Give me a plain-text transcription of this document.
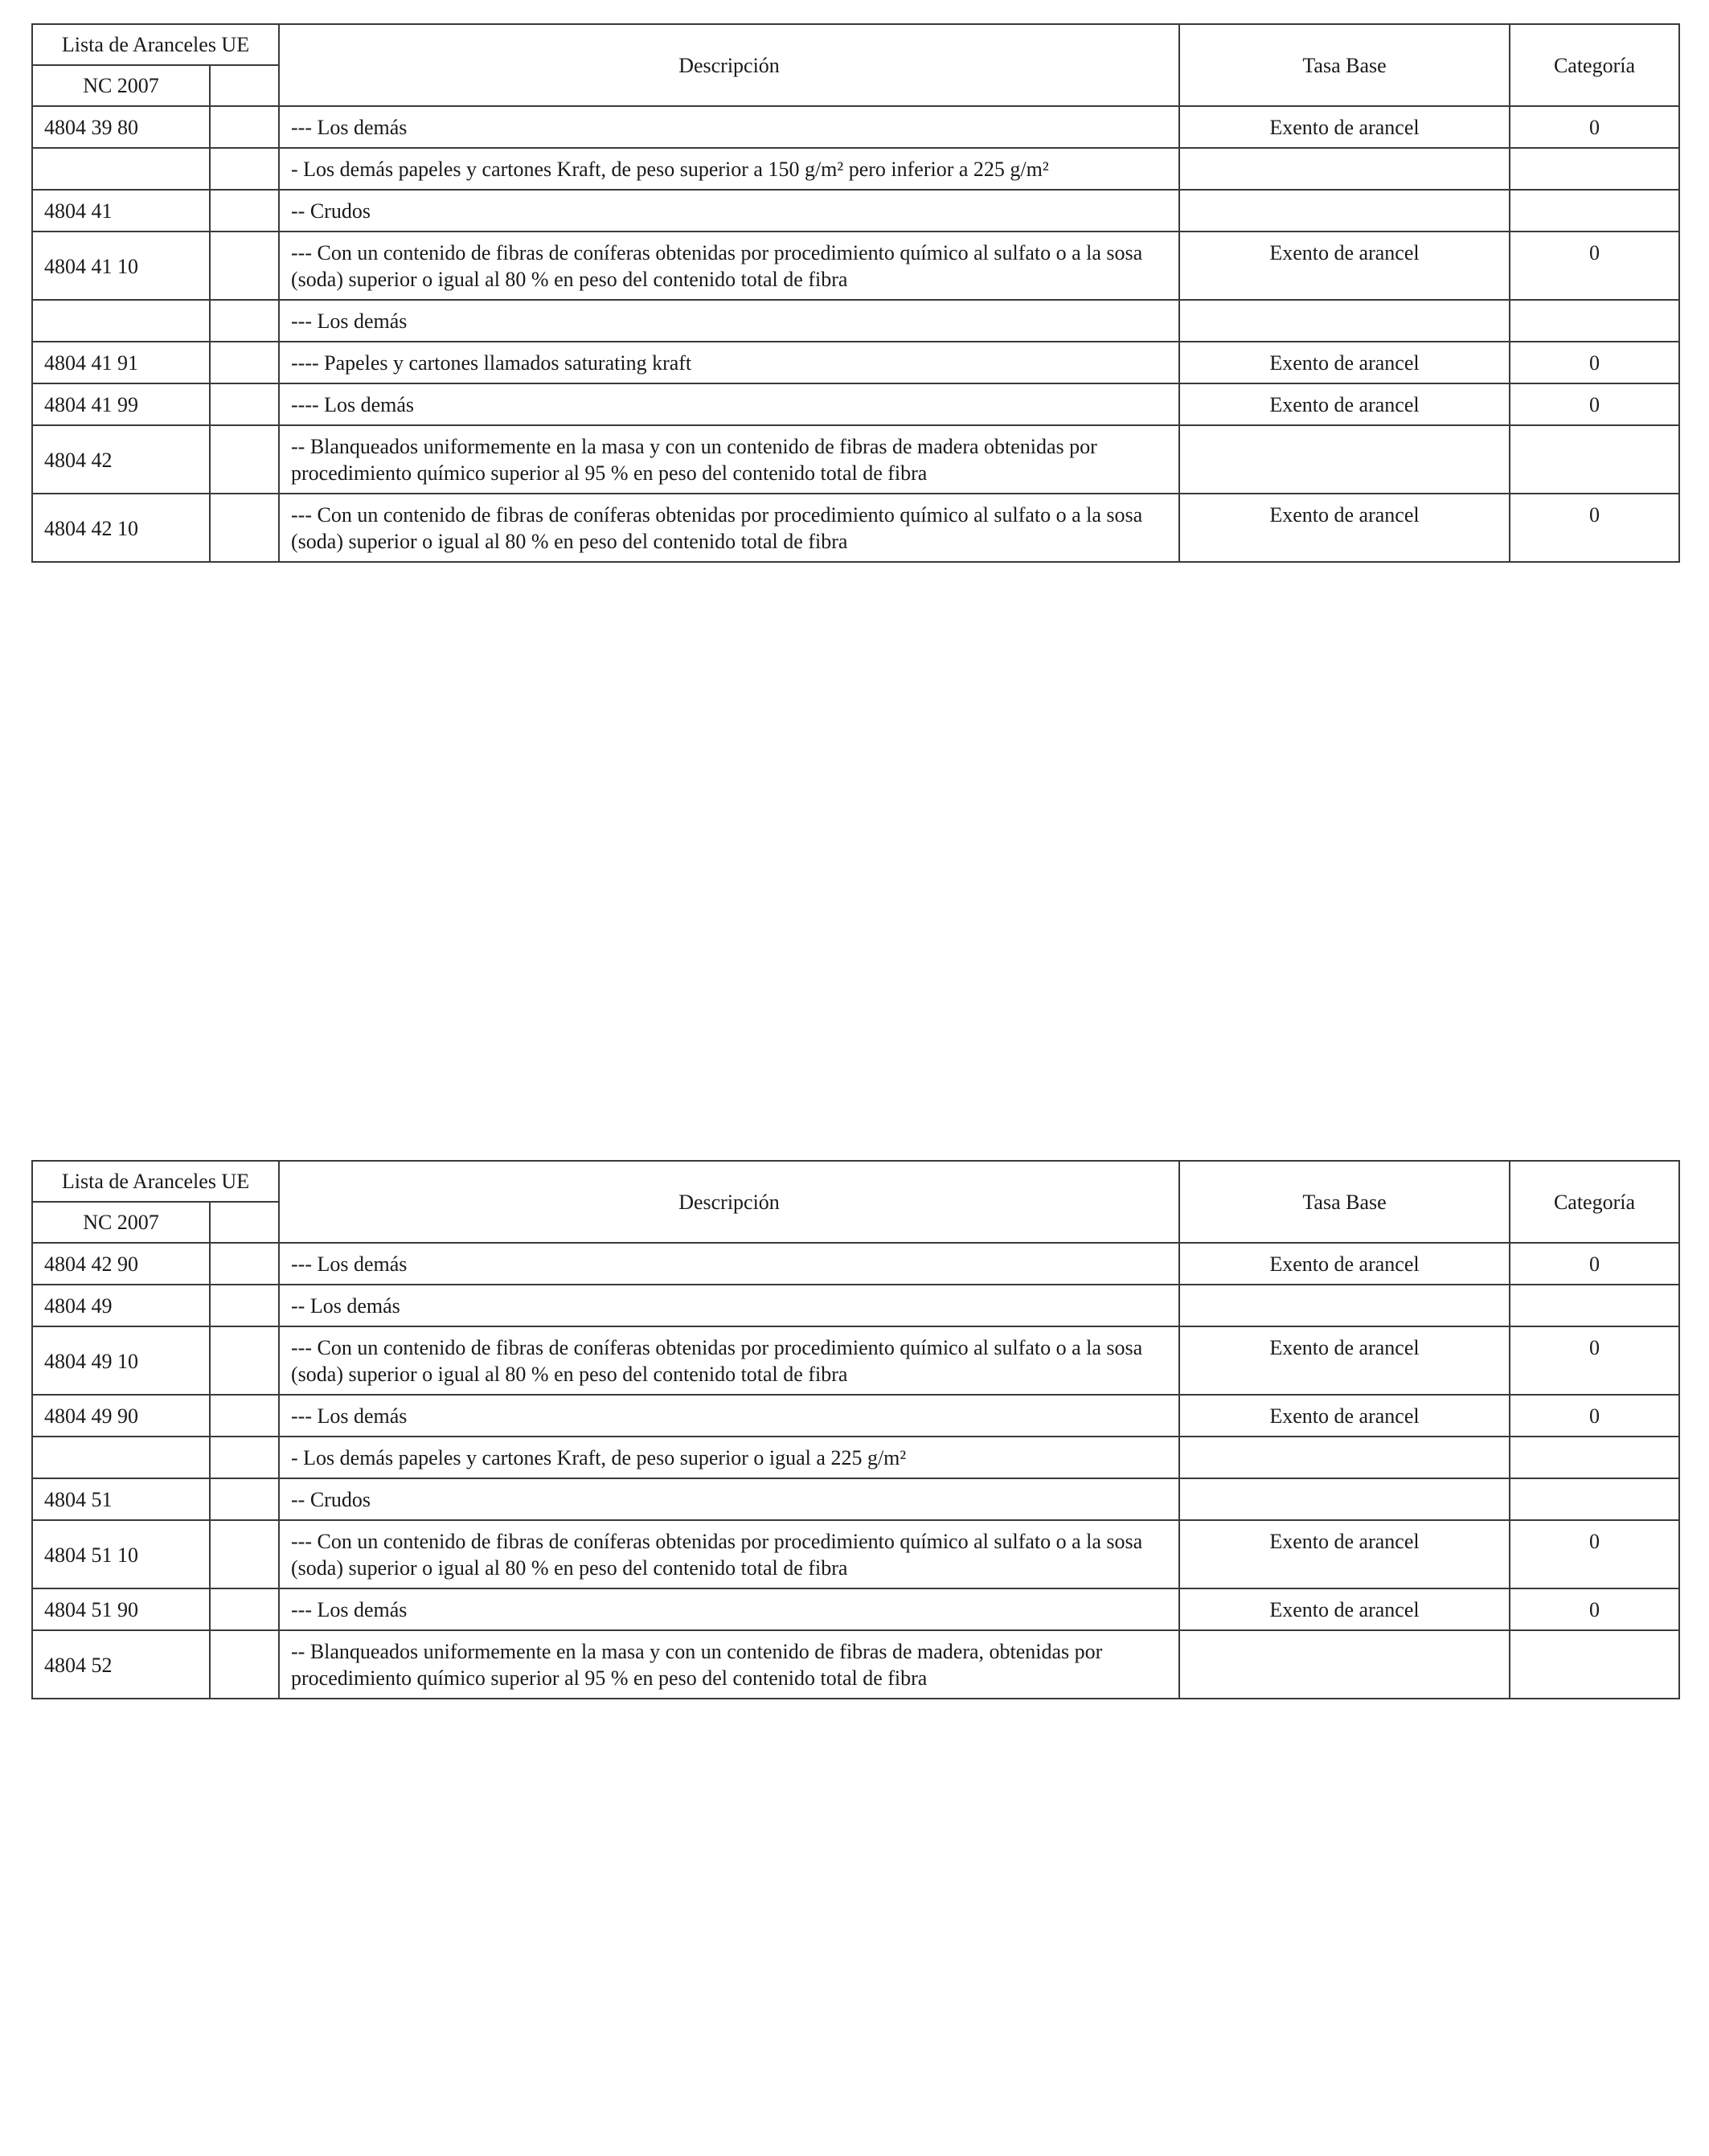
Lista de Aranceles UE		Descripción	Tasa Base	Categoría
NC 2007				
4804 39 80		--- Los demás	Exento de arancel	0
		- Los demás papeles y cartones Kraft, de peso superior a 150 g/m² pero inferior a 225 g/m²		
4804 41		-- Crudos		
4804 41 10		--- Con un contenido de fibras de coníferas obtenidas por procedimiento químico al sulfato o a la sosa (soda) superior o igual al 80 % en peso del contenido total de fibra	Exento de arancel	0
		--- Los demás		
4804 41 91		---- Papeles y cartones llamados saturating kraft	Exento de arancel	0
4804 41 99		---- Los demás	Exento de arancel	0
4804 42		-- Blanqueados uniformemente en la masa y con un contenido de fibras de madera obtenidas por procedimiento químico superior al 95 % en peso del contenido total de fibra		
4804 42 10		--- Con un contenido de fibras de coníferas obtenidas por procedimiento químico al sulfato o a la sosa (soda) superior o igual al 80 % en peso del contenido total de fibra	Exento de arancel	0
Lista de Aranceles UE		Descripción	Tasa Base	Categoría
NC 2007				
4804 42 90		--- Los demás	Exento de arancel	0
4804 49		-- Los demás		
4804 49 10		--- Con un contenido de fibras de coníferas obtenidas por procedimiento químico al sulfato o a la sosa (soda) superior o igual al 80 % en peso del contenido total de fibra	Exento de arancel	0
4804 49 90		--- Los demás	Exento de arancel	0
		- Los demás papeles y cartones Kraft, de peso superior o igual a 225 g/m²		
4804 51		-- Crudos		
4804 51 10		--- Con un contenido de fibras de coníferas obtenidas por procedimiento químico al sulfato o a la sosa (soda) superior o igual al 80 % en peso del contenido total de fibra	Exento de arancel	0
4804 51 90		--- Los demás	Exento de arancel	0
4804 52		-- Blanqueados uniformemente en la masa y con un contenido de fibras de madera, obtenidas por procedimiento químico superior al 95 % en peso del contenido total de fibra		
